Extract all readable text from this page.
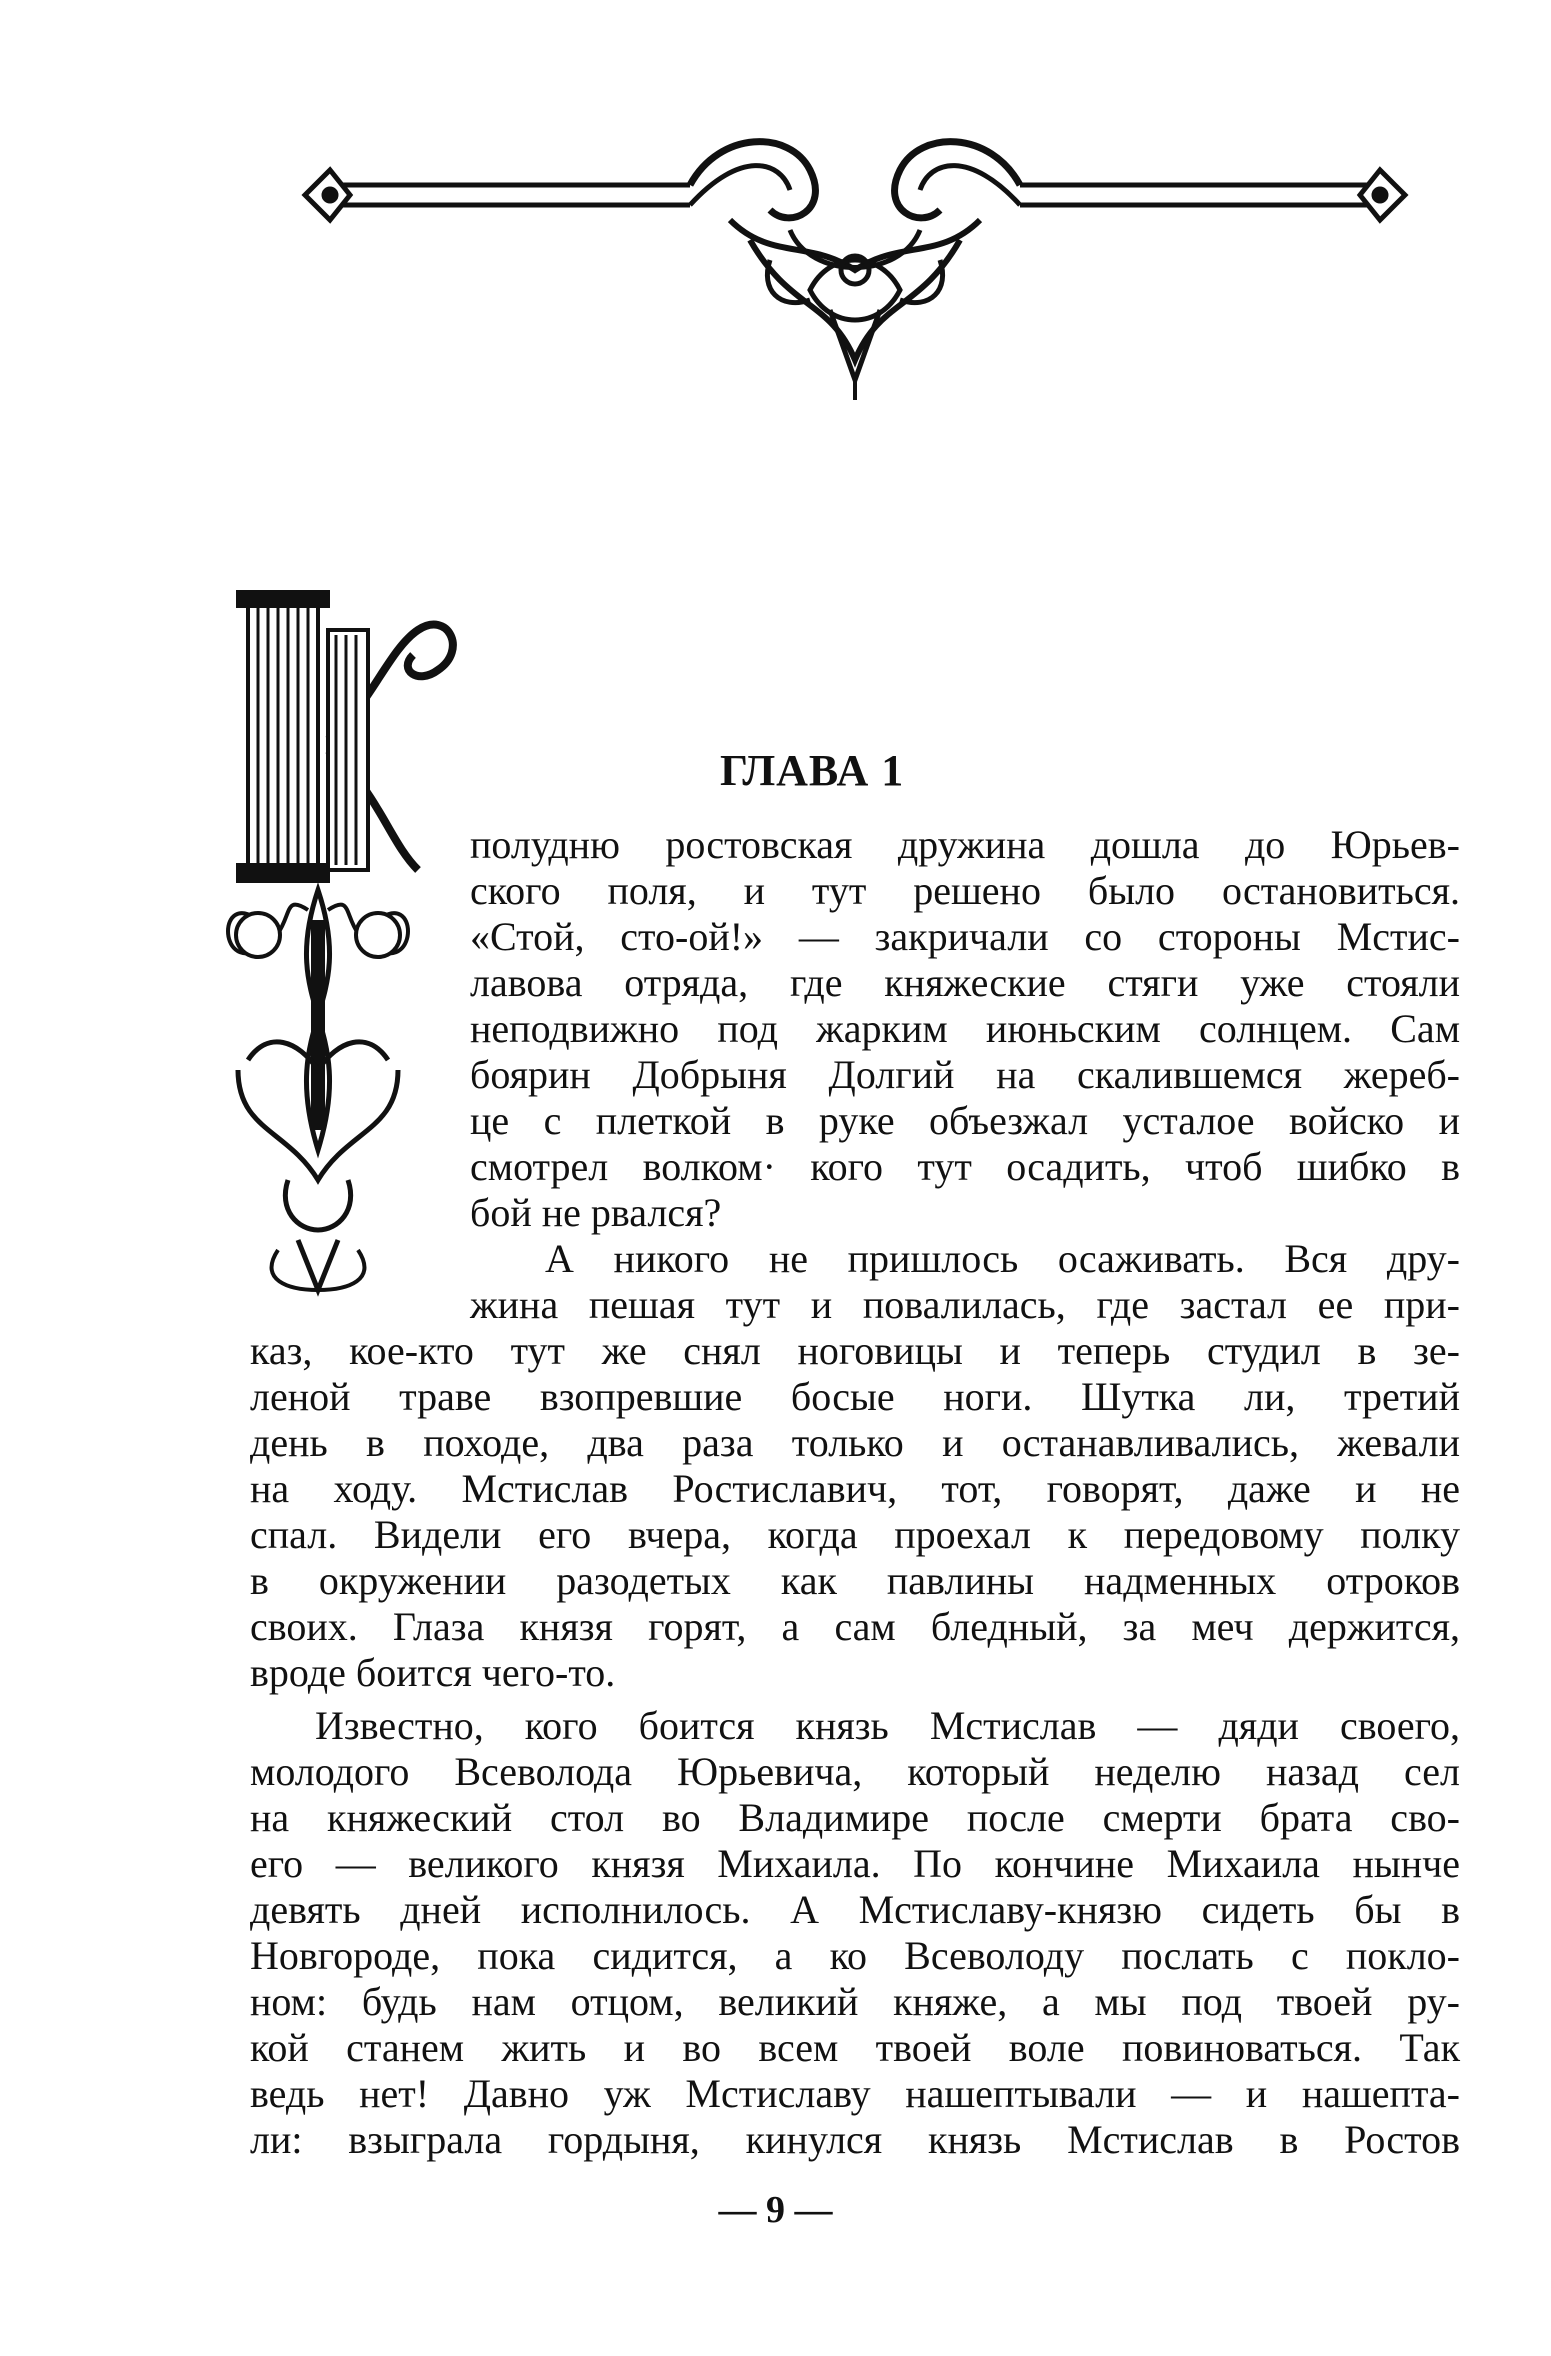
ГЛАВА 1
полудню ростовская дружина дошла до Юрьев-
ского поля, и тут решено было остановиться.
«Стой, сто-ой!» — закричали со стороны Мстис-
лавова отряда, где княжеские стяги уже стояли
неподвижно под жарким июньским солнцем. Сам
боярин Добрыня Долгий на скалившемся жереб-
це с плеткой в руке объезжал усталое войско и
смотрел волком· кого тут осадить, чтоб шибко в
бой не рвался?
А никого не пришлось осаживать. Вся дру-
жина пешая тут и повалилась, где застал ее при-
каз, кое-кто тут же снял ноговицы и теперь студил в зе-
леной траве взопревшие босые ноги. Шутка ли, третий
день в походе, два раза только и останавливались, жевали
на ходу. Мстислав Ростиславич, тот, говорят, даже и не
спал. Видели его вчера, когда проехал к передовому полку
в окружении разодетых как павлины надменных отроков
своих. Глаза князя горят, а сам бледный, за меч держится,
вроде боится чего-то.
Известно, кого боится князь Мстислав — дяди своего,
молодого Всеволода Юрьевича, который неделю назад сел
на княжеский стол во Владимире после смерти брата сво-
его — великого князя Михаила. По кончине Михаила нынче
девять дней исполнилось. А Мстиславу-князю сидеть бы в
Новгороде, пока сидится, а ко Всеволоду послать с покло-
ном: будь нам отцом, великий княже, а мы под твоей ру-
кой станем жить и во всем твоей воле повиноваться. Так
ведь нет! Давно уж Мстиславу нашептывали — и нашепта-
ли: взыграла гордыня, кинулся князь Мстислав в Ростов
— 9 —
